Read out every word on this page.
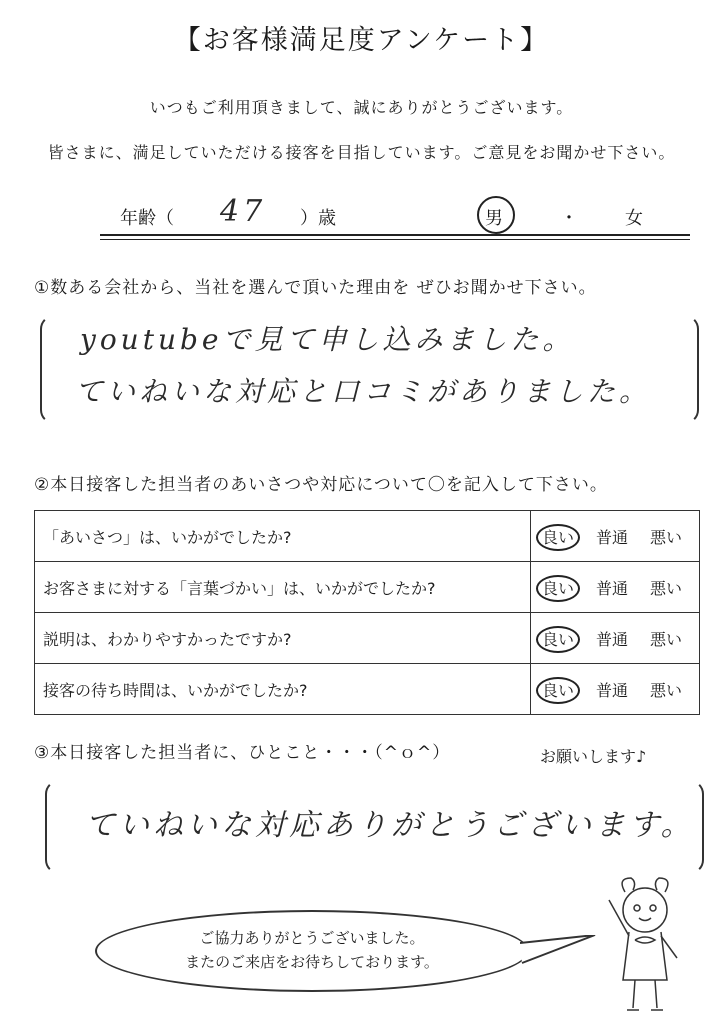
【お客様満足度アンケート】
いつもご利用頂きまして、誠にありがとうございます。
皆さまに、満足していただける接客を目指しています。ご意見をお聞かせ下さい。
年齢（ 47 ）歳	男	・	女
①数ある会社から、当社を選んで頂いた理由を ぜひお聞かせ下さい。
youtubeで見て申し込みました。
ていねいな対応と口コミがありました。
②本日接客した担当者のあいさつや対応について〇を記入して下さい。
「あいさつ」は、いかがでしたか?	良い 普通 悪い
お客さまに対する「言葉づかい」は、いかがでしたか?	良い 普通 悪い
説明は、わかりやすかったですか?	良い 普通 悪い
接客の待ち時間は、いかがでしたか?	良い 普通 悪い
③本日接客した担当者に、ひとこと・・・（^ｏ^）	お願いします♪
ていねいな対応ありがとうございます。
ご協力ありがとうございました。
またのご来店をお待ちしております。
